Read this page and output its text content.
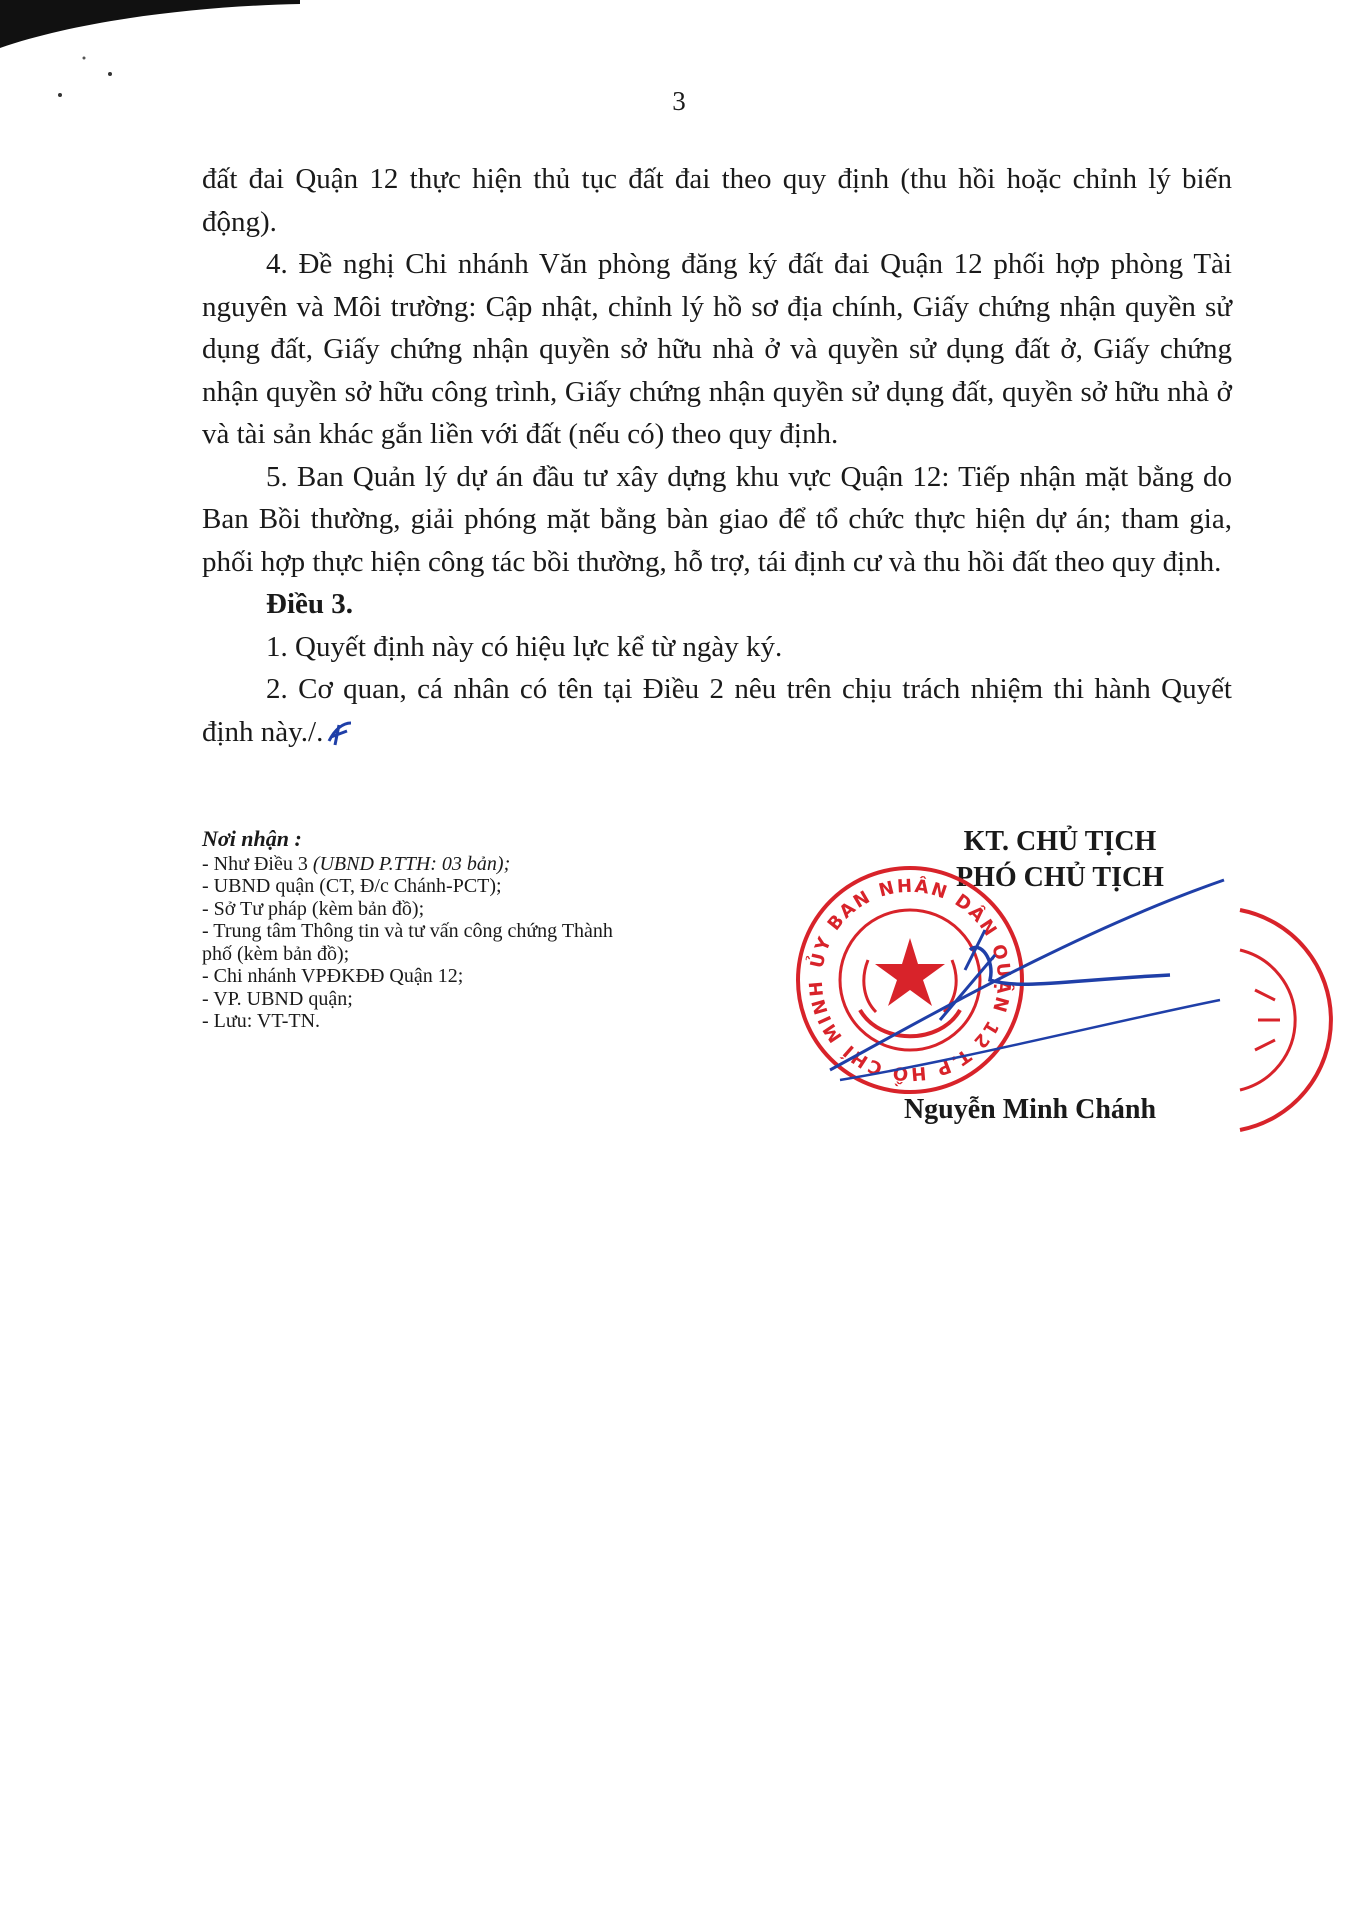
3

đất đai Quận 12 thực hiện thủ tục đất đai theo quy định (thu hồi hoặc chỉnh lý biến động).

4. Đề nghị Chi nhánh Văn phòng đăng ký đất đai Quận 12 phối hợp phòng Tài nguyên và Môi trường: Cập nhật, chỉnh lý hồ sơ địa chính, Giấy chứng nhận quyền sử dụng đất, Giấy chứng nhận quyền sở hữu nhà ở và quyền sử dụng đất ở, Giấy chứng nhận quyền sở hữu công trình, Giấy chứng nhận quyền sử dụng đất, quyền sở hữu nhà ở và tài sản khác gắn liền với đất (nếu có) theo quy định.

5. Ban Quản lý dự án đầu tư xây dựng khu vực Quận 12: Tiếp nhận mặt bằng do Ban Bồi thường, giải phóng mặt bằng bàn giao để tổ chức thực hiện dự án; tham gia, phối hợp thực hiện công tác bồi thường, hỗ trợ, tái định cư và thu hồi đất theo quy định.

Điều 3.

1. Quyết định này có hiệu lực kể từ ngày ký.

2. Cơ quan, cá nhân có tên tại Điều 2 nêu trên chịu trách nhiệm thi hành Quyết định này./.

Nơi nhận :
- Như Điều 3 (UBND P.TTH: 03 bản);
- UBND quận (CT, Đ/c Chánh-PCT);
- Sở Tư pháp (kèm bản đồ);
- Trung tâm Thông tin và tư vấn công chứng Thành phố (kèm bản đồ);
- Chi nhánh VPĐKĐĐ Quận 12;
- VP. UBND quận;
- Lưu: VT-TN.
KT. CHỦ TỊCH
PHÓ CHỦ TỊCH
ỦY BAN NHÂN DÂN QUẬN 12 T.P HỒ CHÍ MINH
Nguyễn Minh Chánh
